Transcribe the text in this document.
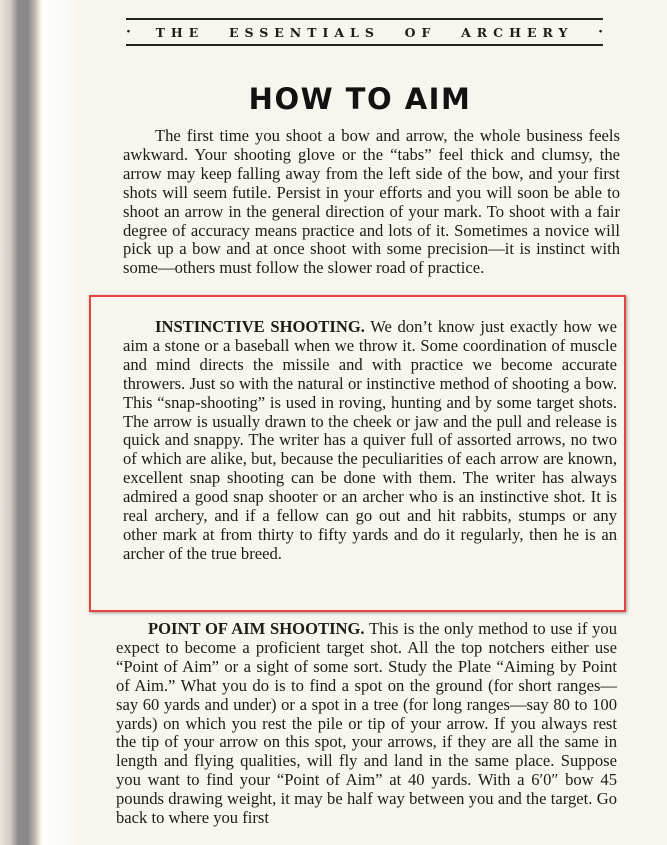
· THE ESSENTIALS OF ARCHERY ·
HOW TO AIM

The first time you shoot a bow and arrow, the whole business feels awkward. Your shooting glove or the “tabs” feel thick and clumsy, the arrow may keep falling away from the left side of the bow, and your first shots will seem futile. Persist in your efforts and you will soon be able to shoot an arrow in the general direction of your mark. To shoot with a fair degree of accuracy means practice and lots of it. Sometimes a novice will pick up a bow and at once shoot with some precision—it is instinct with some—others must follow the slower road of practice.

INSTINCTIVE SHOOTING. We don’t know just exactly how we aim a stone or a baseball when we throw it. Some coordination of muscle and mind directs the missile and with practice we become accurate throwers. Just so with the natural or instinctive method of shooting a bow. This “snap-shooting” is used in roving, hunting and by some target shots. The arrow is usually drawn to the cheek or jaw and the pull and release is quick and snappy. The writer has a quiver full of assorted arrows, no two of which are alike, but, because the peculiarities of each arrow are known, excellent snap shooting can be done with them. The writer has always admired a good snap shooter or an archer who is an instinctive shot. It is real archery, and if a fellow can go out and hit rabbits, stumps or any other mark at from thirty to fifty yards and do it regularly, then he is an archer of the true breed.

POINT OF AIM SHOOTING. This is the only method to use if you expect to become a proficient target shot. All the top notchers either use “Point of Aim” or a sight of some sort. Study the Plate “Aiming by Point of Aim.” What you do is to find a spot on the ground (for short ranges—say 60 yards and under) or a spot in a tree (for long ranges—say 80 to 100 yards) on which you rest the pile or tip of your arrow. If you always rest the tip of your arrow on this spot, your arrows, if they are all the same in length and flying qualities, will fly and land in the same place. Suppose you want to find your “Point of Aim” at 40 yards. With a 6′0″ bow 45 pounds drawing weight, it may be half way between you and the target. Go back to where you first
